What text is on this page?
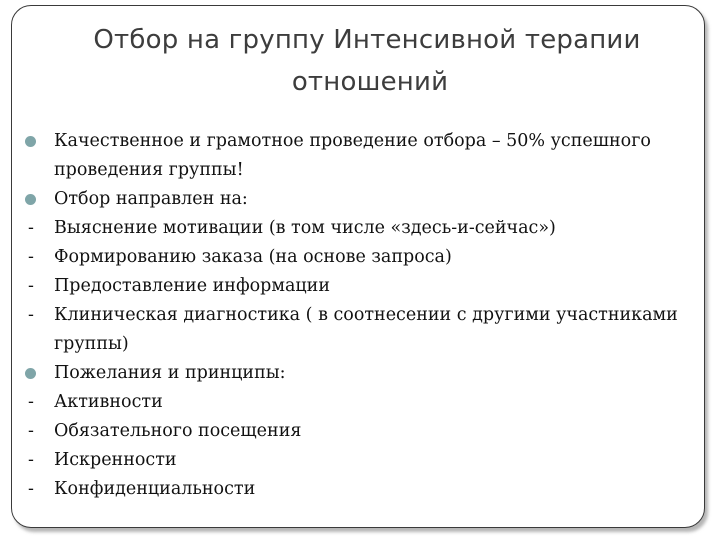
Отбор на группу Интенсивной терапии
отношений
Качественное и грамотное проведение отбора – 50% успешного проведения группы!
Отбор направлен на:
- Выяснение мотивации (в том числе «здесь-и-сейчас»)
- Формированию заказа (на основе запроса)
- Предоставление информации
- Клиническая диагностика ( в соотнесении с другими участниками группы)
Пожелания и принципы:
- Активности
- Обязательного посещения
- Искренности
- Конфиденциальности
